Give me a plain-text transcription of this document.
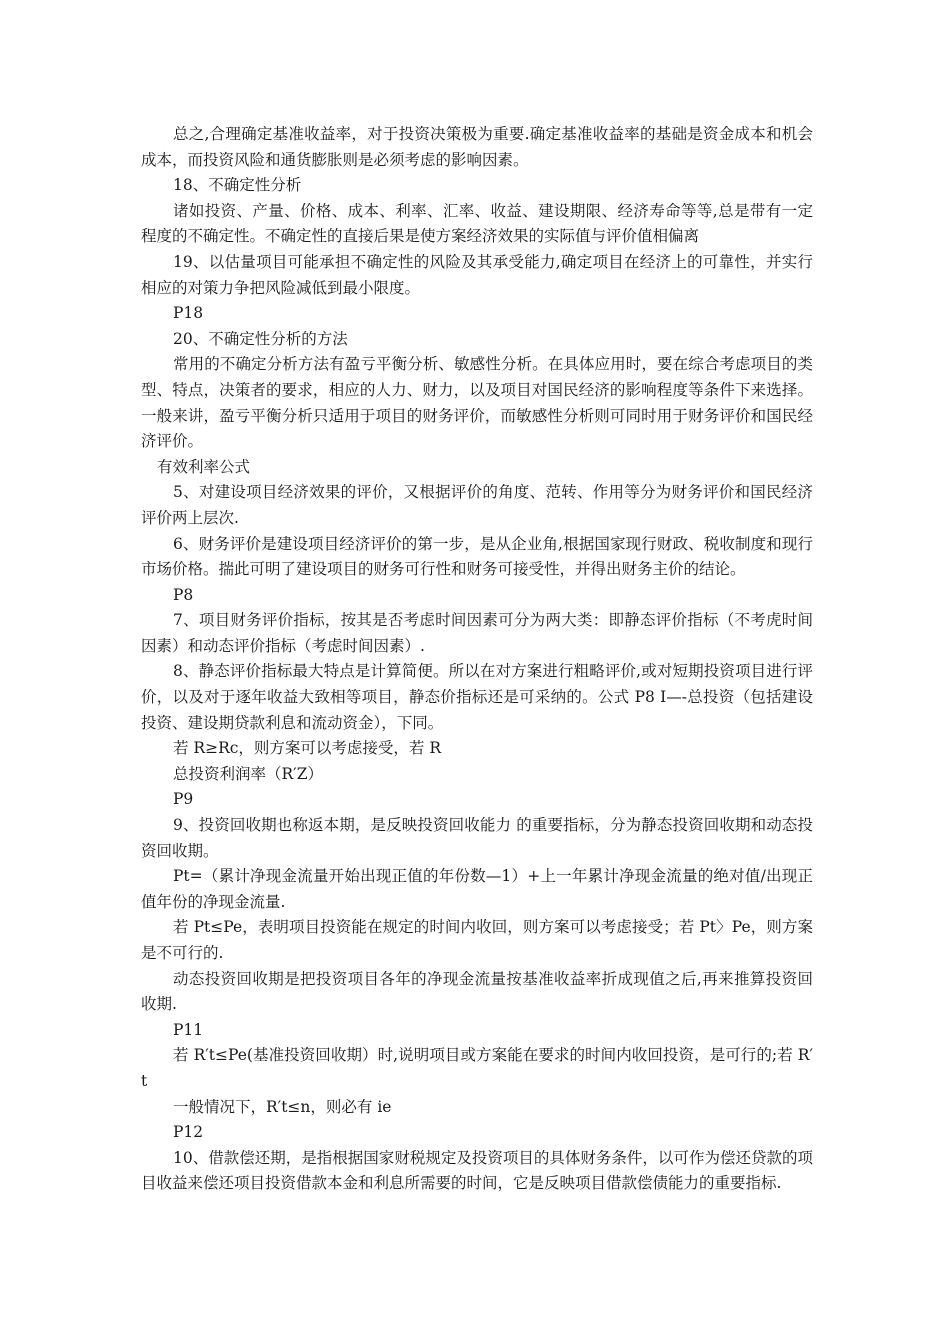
总之,合理确定基准收益率，对于投资决策极为重要.确定基准收益率的基础是资金成本和机会成本，而投资风险和通货膨胀则是必须考虑的影响因素。

18、不确定性分析

诸如投资、产量、价格、成本、利率、汇率、收益、建设期限、经济寿命等等,总是带有一定程度的不确定性。不确定性的直接后果是使方案经济效果的实际值与评价值相偏离

19、以估量项目可能承担不确定性的风险及其承受能力,确定项目在经济上的可靠性，并实行相应的对策力争把风险减低到最小限度。

P18

20、不确定性分析的方法

常用的不确定分析方法有盈亏平衡分析、敏感性分析。在具体应用时，要在综合考虑项目的类型、特点，决策者的要求，相应的人力、财力，以及项目对国民经济的影响程度等条件下来选择。一般来讲，盈亏平衡分析只适用于项目的财务评价，而敏感性分析则可同时用于财务评价和国民经济评价。

有效利率公式

5、对建设项目经济效果的评价，又根据评价的角度、范转、作用等分为财务评价和国民经济评价两上层次.

6、财务评价是建设项目经济评价的第一步，是从企业角,根据国家现行财政、税收制度和现行市场价格。揣此可明了建设项目的财务可行性和财务可接受性，并得出财务主价的结论。

P8

7、项目财务评价指标，按其是否考虑时间因素可分为两大类：即静态评价指标（不考虎时间因素）和动态评价指标（考虑时间因素）.

8、静态评价指标最大特点是计算简便。所以在对方案进行粗略评价,或对短期投资项目进行评价，以及对于逐年收益大致相等项目，静态价指标还是可采纳的。公式 P8 I—-总投资（包括建设投资、建设期贷款利息和流动资金），下同。

若 R≥Rc，则方案可以考虑接受，若 R

总投资利润率（R′Z）

P9

9、投资回收期也称返本期，是反映投资回收能力 的重要指标，分为静态投资回收期和动态投资回收期。

Pt=（累计净现金流量开始出现正值的年份数—1）+上一年累计净现金流量的绝对值/出现正值年份的净现金流量.

若 Pt≤Pe，表明项目投资能在规定的时间内收回，则方案可以考虑接受；若 Pt〉Pe，则方案是不可行的.

动态投资回收期是把投资项目各年的净现金流量按基准收益率折成现值之后,再来推算投资回收期.

P11

若 R′t≤Pe(基准投资回收期）时,说明项目或方案能在要求的时间内收回投资，是可行的;若 R′t

一般情况下，R′t≤n，则必有 ie

P12

10、借款偿还期，是指根据国家财税规定及投资项目的具体财务条件，以可作为偿还贷款的项目收益来偿还项目投资借款本金和利息所需要的时间，它是反映项目借款偿债能力的重要指标.
